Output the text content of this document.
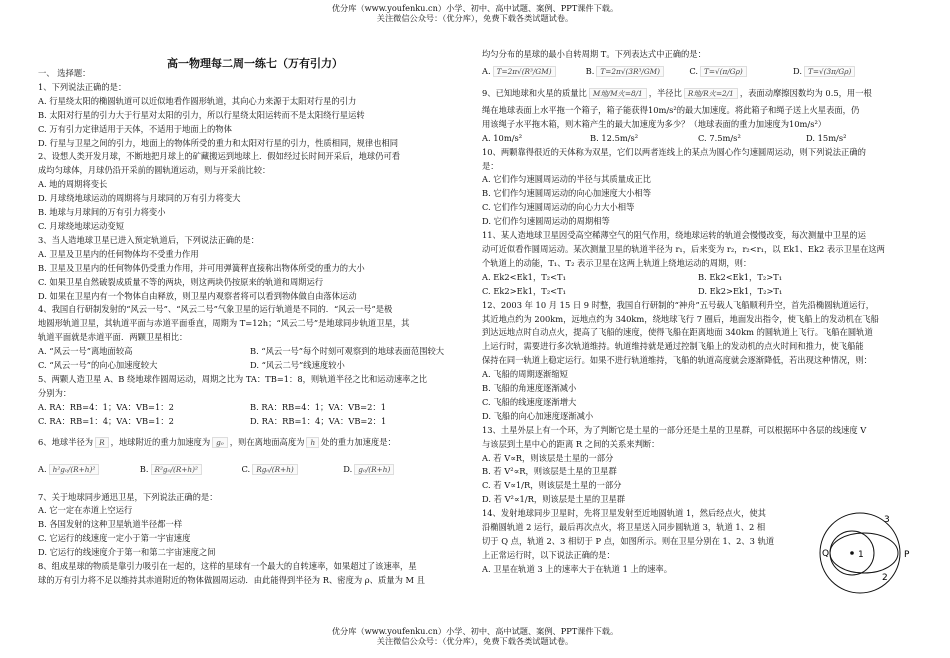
优分库（www.youfenku.cn）小学、初中、高中试题、案例、PPT课件下载。
关注微信公众号：（优分库），免费下载各类试题试卷。
高一物理每二周一练七（万有引力）
一、 选择题：
1、下列说法正确的是：
A. 行星绕太阳的椭圆轨道可以近似地看作圆形轨道，其向心力来源于太阳对行星的引力
B. 太阳对行星的引力大于行星对太阳的引力，所以行星绕太阳运转而不是太阳绕行星运转
C. 万有引力定律适用于天体，不适用于地面上的物体
D. 行星与卫星之间的引力，地面上的物体所受的重力和太阳对行星的引力，性质相同，规律也相同
2、设想人类开发月球，不断地把月球上的矿藏搬运到地球上．假如经过长时间开采后，地球仍可看
成均匀球体，月球仍沿开采前的圆轨道运动，则与开采前比较：
A. 地的周期将变长
D. 月球绕地球运动的周期将与月球同的万有引力将变大
B. 地球与月球间的万有引力将变小
C. 月球绕地球运动变短
3、当人造地球卫星已进入预定轨道后，下列说法正确的是：
A. 卫星及卫星内的任何物体均不受重力作用
B. 卫星及卫星内的任何物体仍受重力作用，并可用弹簧秤直接称出物体所受的重力的大小
C. 如果卫星自然破裂成质量不等的两块，则这两块仍按原来的轨道和周期运行
D. 如果在卫星内有一个物体自由释放，则卫星内观察者将可以看到物体做自由落体运动
4、我国自行研制发射的“风云一号”、“风云二号”气象卫星的运行轨道是不同的．“风云一号”是极
地圆形轨道卫星，其轨道平面与赤道平面垂直，周期为 T=12h；“风云二号”是地球同步轨道卫星，其
轨道平面就是赤道平面．两颗卫星相比：
A. “风云一号”离地面较高	B. “风云一号”每个时刻可观察到的地球表面范围较大
C. “风云一号”的向心加速度较大	D. “风云二号”线速度较小
5、两颗人造卫星 A、B 绕地球作圆周运动，周期之比为 TA：TB=1：8，则轨道半径之比和运动速率之比
分别为：
A. RA：RB=4：1；VA：VB=1：2	B. RA：RB=4：1；VA：VB=2：1
C. RA：RB=1：4；VA：VB=1：2	D. RA：RB=1：4；VA：VB=2：1
6、地球半径为 R ，地球附近的重力加速度为 g₀ ，则在离地面高度为 h 处的重力加速度是：
A. h²g₀/(R+h)²	B. R²g₀/(R+h)²	C. Rg₀/(R+h)	D. g₀/(R+h)
7、关于地球同步通迅卫星，下列说法正确的是：
A. 它一定在赤道上空运行
B. 各国发射的这种卫星轨道半径都一样
C. 它运行的线速度一定小于第一宇宙速度
D. 它运行的线速度介于第一和第二宇宙速度之间
8、组成星球的物质是靠引力吸引在一起的，这样的星球有一个最大的自转速率，如果超过了该速率，星
球的万有引力将不足以维持其赤道附近的物体做圆周运动．由此能得到半径为 R、密度为 ρ、质量为 M 且
均匀分布的星球的最小自转周期 T。下列表达式中正确的是：
A. T=2π√(R³/GM)	B. T=2π√(3R³/GM)	C. T=√(π/Gρ)	D. T=√(3π/Gρ)
9、已知地球和火星的质量比 M地/M火=8/1 ，半径比 R地/R火=2/1 ，表面动摩擦因数均为 0.5，用一根
绳在地球表面上水平拖一个箱子，箱子能获得10m/s²的最大加速度。将此箱子和绳子送上火星表面，仍
用该绳子水平拖木箱，则木箱产生的最大加速度为多少？（地球表面的重力加速度为10m/s²）
A. 10m/s²	B. 12.5m/s²	C. 7.5m/s²	D. 15m/s²
10、两颗靠得很近的天体称为双星，它们以两者连线上的某点为圆心作匀速圆周运动，则下列说法正确的
是：
A. 它们作匀速圆周运动的半径与其质量成正比
B. 它们作匀速圆周运动的向心加速度大小相等
C. 它们作匀速圆周运动的向心力大小相等
D. 它们作匀速圆周运动的周期相等
11、某人造地球卫星因受高空稀薄空气的阻气作用，绕地球运转的轨道会慢慢改变，每次测量中卫星的运
动可近似看作圆周运动。某次测量卫星的轨道半径为 r₁，后来变为 r₂，r₂<r₁，以 Ek1、Ek2 表示卫星在这两
个轨道上的动能，T₁、T₂ 表示卫星在这两上轨道上绕地运动的周期，则：
A. Ek2<Ek1，T₂<T₁	B. Ek2<Ek1，T₂>T₁
C. Ek2>Ek1，T₂<T₁	D. Ek2>Ek1，T₂>T₁
12、2003 年 10 月 15 日 9 时整，我国自行研制的“神舟”五号载人飞船顺利升空，首先沿椭圆轨道运行，
其近地点约为 200km，远地点约为 340km，绕地球飞行 7 圈后，地面发出指令，使飞船上的发动机在飞船
到达远地点时自动点火，提高了飞船的速度，使得飞船在距离地面 340km 的圆轨道上飞行。飞船在圆轨道
上运行时，需要进行多次轨道维持。轨道维持就是通过控制飞船上的发动机的点火时间和推力，使飞船能
保持在同一轨道上稳定运行。如果不进行轨道维持，飞船的轨道高度就会逐渐降低，若出现这种情况，则：
A. 飞船的周期逐渐缩短
B. 飞船的角速度逐渐减小
C. 飞船的线速度逐渐增大
D. 飞船的向心加速度逐渐减小
13、土星外层上有一个环，为了判断它是土星的一部分还是土星的卫星群，可以根据环中各层的线速度 V
与该层到土星中心的距离 R 之间的关系来判断：
A. 若 V∝R，则该层是土星的一部分
B. 若 V²∝R，则该层是土星的卫星群
C. 若 V∝1/R，则该层是土星的一部分
D. 若 V²∝1/R，则该层是土星的卫星群
14、发射地球同步卫星时，先将卫星发射至近地圆轨道 1，然后经点火，使其
沿椭圆轨道 2 运行，最后再次点火，将卫星送入同步圆轨道 3，轨道 1、2 相
切于 Q 点，轨道 2、3 相切于 P 点，如图所示。则在卫星分别在 1、2、3 轨道
上正常运行时，以下说法正确的是：
A. 卫星在轨道 3 上的速率大于在轨道 1 上的速率。
Q	1	P
3
2
优分库（www.youfenku.cn）小学、初中、高中试题、案例、PPT课件下载。
关注微信公众号：（优分库），免费下载各类试题试卷。
